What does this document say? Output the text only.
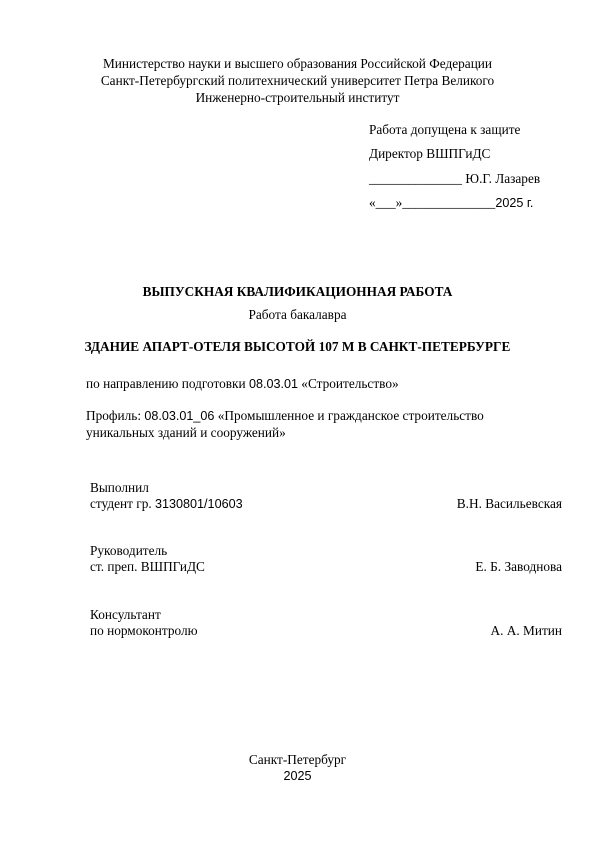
Министерство науки и высшего образования Российской Федерации
Санкт-Петербургский политехнический университет Петра Великого
Инженерно-строительный институт
Работа допущена к защите
Директор ВШПГиДС
______________ Ю.Г. Лазарев
«___»______________2025 г.
ВЫПУСКНАЯ КВАЛИФИКАЦИОННАЯ РАБОТА
Работа бакалавра
ЗДАНИЕ АПАРТ-ОТЕЛЯ ВЫСОТОЙ 107 М В САНКТ-ПЕТЕРБУРГЕ
по направлению подготовки 08.03.01 «Строительство»
Профиль: 08.03.01_06 «Промышленное и гражданское строительство
уникальных зданий и сооружений»
Выполнил
студент гр. 3130801/10603	В.Н. Васильевская
Руководитель
ст. преп. ВШПГиДС	Е. Б. Заводнова
Консультант
по нормоконтролю	А. А. Митин
Санкт-Петербург
2025
